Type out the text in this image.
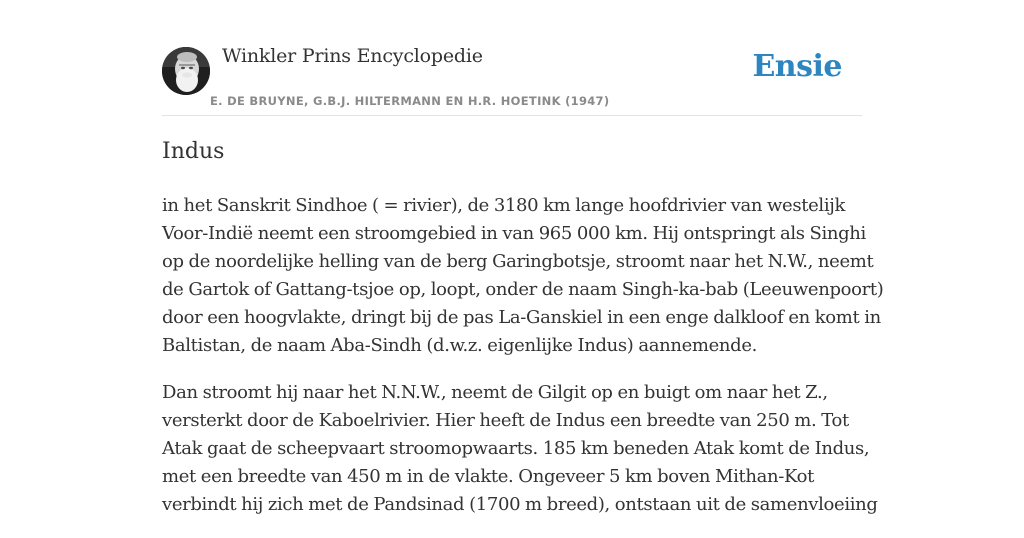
Winkler Prins Encyclopedie
E. DE BRUYNE, G.B.J. HILTERMANN EN H.R. HOETINK (1947)
Ensie
Indus

in het Sanskrit Sindhoe ( = rivier), de 3180 km lange hoofdrivier van westelijk
Voor-Indië neemt een stroomgebied in van 965 000 km. Hij ontspringt als Singhi
op de noordelijke helling van de berg Garingbotsje, stroomt naar het N.W., neemt
de Gartok of Gattang-tsjoe op, loopt, onder de naam Singh-ka-bab (Leeuwenpoort)
door een hoogvlakte, dringt bij de pas La-Ganskiel in een enge dalkloof en komt in
Baltistan, de naam Aba-Sindh (d.w.z. eigenlijke Indus) aannemende.

Dan stroomt hij naar het N.N.W., neemt de Gilgit op en buigt om naar het Z.,
versterkt door de Kaboelrivier. Hier heeft de Indus een breedte van 250 m. Tot
Atak gaat de scheepvaart stroomopwaarts. 185 km beneden Atak komt de Indus,
met een breedte van 450 m in de vlakte. Ongeveer 5 km boven Mithan-Kot
verbindt hij zich met de Pandsinad (1700 m breed), ontstaan uit de samenvloeiing
